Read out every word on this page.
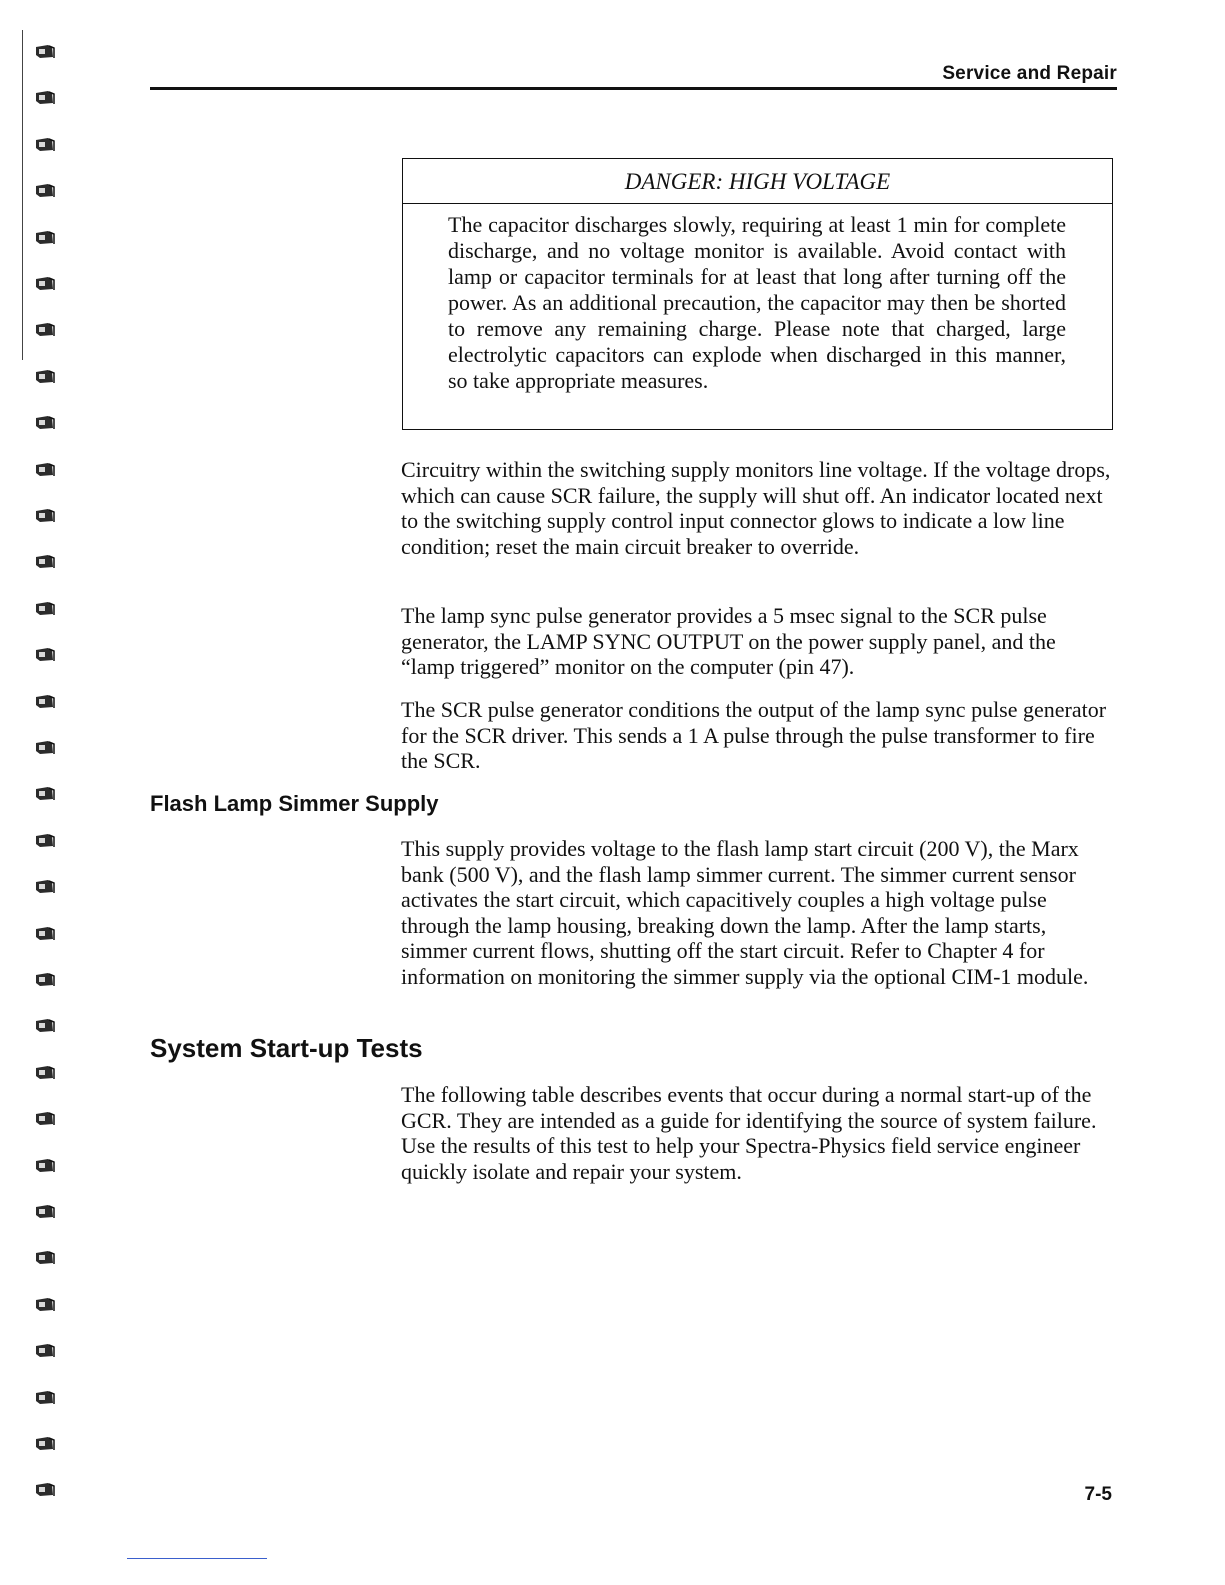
Service and Repair
DANGER: HIGH VOLTAGE
The capacitor discharges slowly, requiring at least 1 min for complete discharge, and no voltage monitor is available. Avoid contact with lamp or capacitor terminals for at least that long after turning off the power. As an additional precaution, the capacitor may then be shorted to remove any remaining charge. Please note that charged, large electrolytic capacitors can explode when discharged in this manner, so take appropriate measures.
Circuitry within the switching supply monitors line voltage. If the voltage drops, which can cause SCR failure, the supply will shut off. An indicator located next to the switching supply control input connector glows to indicate a low line condition; reset the main circuit breaker to override.
The lamp sync pulse generator provides a 5 msec signal to the SCR pulse generator, the LAMP SYNC OUTPUT on the power supply panel, and the “lamp triggered” monitor on the computer (pin 47).
The SCR pulse generator conditions the output of the lamp sync pulse generator for the SCR driver. This sends a 1 A pulse through the pulse transformer to fire the SCR.
Flash Lamp Simmer Supply
This supply provides voltage to the flash lamp start circuit (200 V), the Marx bank (500 V), and the flash lamp simmer current. The simmer current sensor activates the start circuit, which capacitively couples a high voltage pulse through the lamp housing, breaking down the lamp. After the lamp starts, simmer current flows, shutting off the start circuit. Refer to Chapter 4 for information on monitoring the simmer supply via the optional CIM-1 module.
System Start-up Tests
The following table describes events that occur during a normal start-up of the GCR. They are intended as a guide for identifying the source of system failure. Use the results of this test to help your Spectra-Physics field service engineer quickly isolate and repair your system.
7-5
